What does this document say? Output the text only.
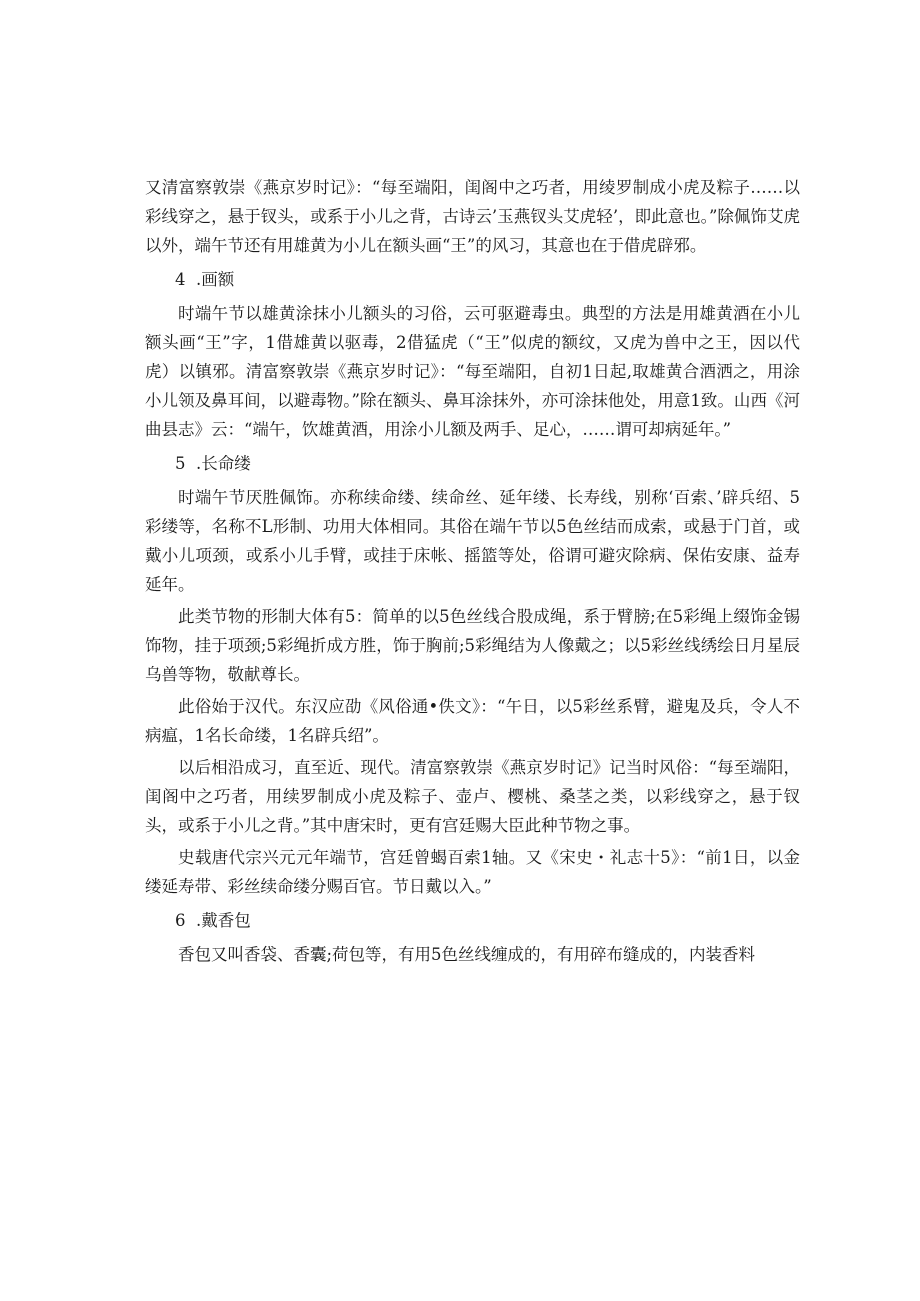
又清富察敦崇《燕京岁时记》：“每至端阳，闺阁中之巧者，用绫罗制成小虎及粽子……以彩线穿之，悬于钗头，或系于小儿之背，古诗云’玉燕钗头艾虎轻’，即此意也。”除佩饰艾虎以外，端午节还有用雄黄为小儿在额头画“王”的风习，其意也在于借虎辟邪。

4  .画额

时端午节以雄黄涂抹小儿额头的习俗，云可驱避毒虫。典型的方法是用雄黄酒在小儿额头画“王”字，1借雄黄以驱毒，2借猛虎（“王”似虎的额纹，又虎为兽中之王，因以代虎）以镇邪。清富察敦崇《燕京岁时记》：“每至端阳，自初1日起,取雄黄合酒洒之，用涂小儿领及鼻耳间，以避毒物。”除在额头、鼻耳涂抹外，亦可涂抹他处，用意1致。山西《河曲县志》云：“端午，饮雄黄酒，用涂小儿额及两手、足心，……谓可却病延年。”

5  .长命缕

时端午节厌胜佩饰。亦称续命缕、续命丝、延年缕、长寿线，别称‘百索、’辟兵绍、5彩缕等，名称不L形制、功用大体相同。其俗在端午节以5色丝结而成索，或悬于门首，或戴小儿项颈，或系小儿手臂，或挂于床帐、摇篮等处，俗谓可避灾除病、保佑安康、益寿延年。

此类节物的形制大体有5：简单的以5色丝线合股成绳，系于臂膀;在5彩绳上缀饰金锡饰物，挂于项颈;5彩绳折成方胜，饰于胸前;5彩绳结为人像戴之；以5彩丝线绣绘日月星辰乌兽等物，敬献尊长。

此俗始于汉代。东汉应劭《风俗通•佚文》：“午日，以5彩丝系臂，避鬼及兵，令人不病瘟，1名长命缕，1名辟兵绍”。

以后相沿成习，直至近、现代。清富察敦崇《燕京岁时记》记当时风俗：“每至端阳，闺阁中之巧者，用续罗制成小虎及粽子、壶卢、樱桃、桑茎之类，以彩线穿之，悬于钗头，或系于小儿之背。”其中唐宋时，更有宫廷赐大臣此种节物之事。

史载唐代宗兴元元年端节，宫廷曾蝎百索1轴。又《宋史・礼志十5》：“前1日，以金缕延寿带、彩丝续命缕分赐百官。节日戴以入。”

6  .戴香包

香包又叫香袋、香囊;荷包等，有用5色丝线缠成的，有用碎布缝成的，内装香料
